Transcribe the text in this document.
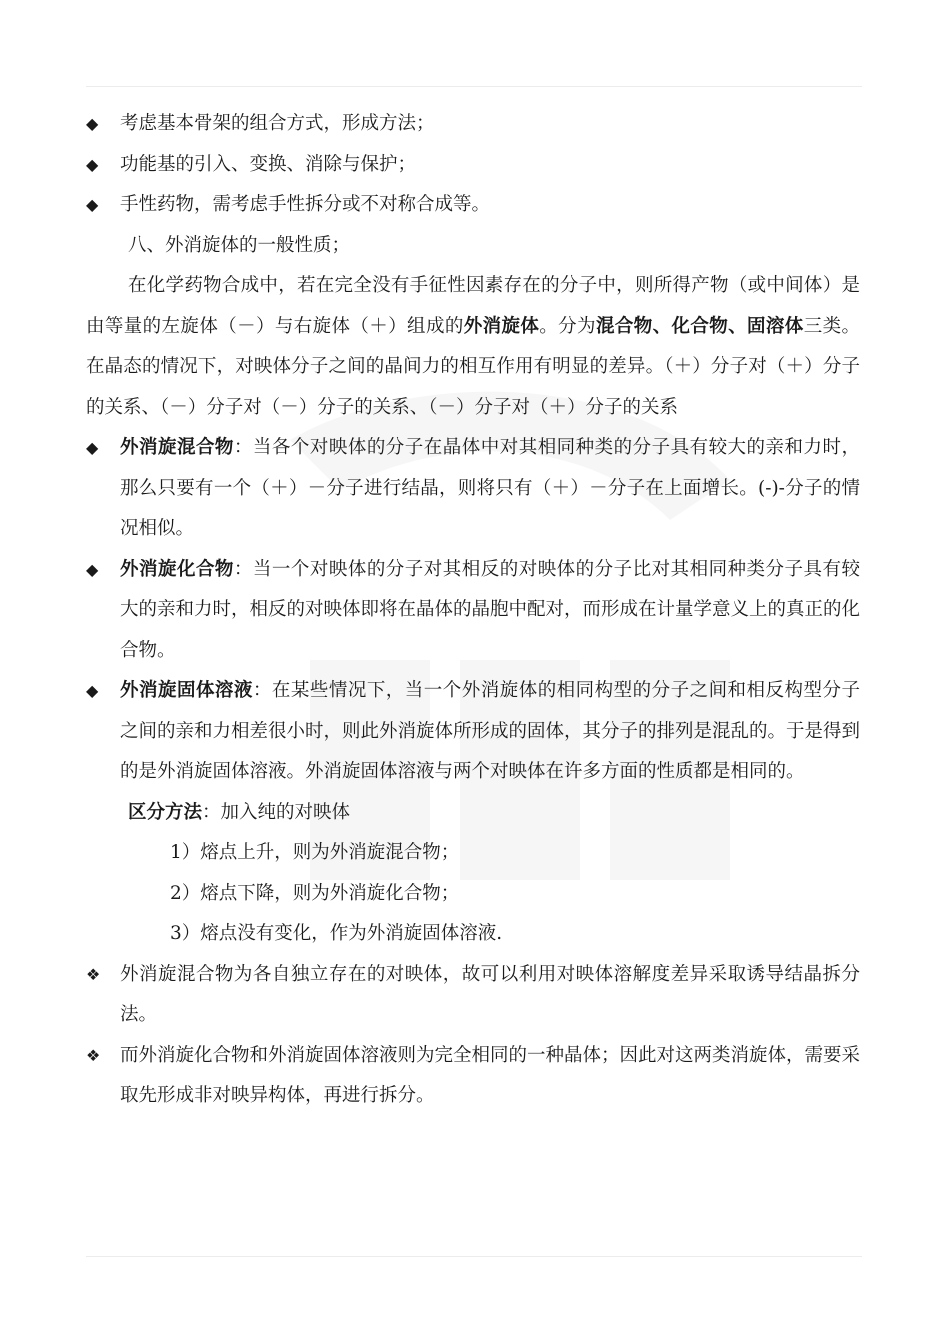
◆	考虑基本骨架的组合方式，形成方法；
◆	功能基的引入、变换、消除与保护；
◆	手性药物，需考虑手性拆分或不对称合成等。
八、外消旋体的一般性质；
在化学药物合成中，若在完全没有手征性因素存在的分子中，则所得产物（或中间体）是由等量的左旋体（－）与右旋体（＋）组成的外消旋体。分为混合物、化合物、固溶体三类。在晶态的情况下，对映体分子之间的晶间力的相互作用有明显的差异。（＋）分子对（＋）分子的关系、（－）分子对（－）分子的关系、（－）分子对（＋）分子的关系
◆	外消旋混合物：当各个对映体的分子在晶体中对其相同种类的分子具有较大的亲和力时，那么只要有一个（＋）－分子进行结晶，则将只有（＋）－分子在上面增长。(-)-分子的情况相似。
◆	外消旋化合物：当一个对映体的分子对其相反的对映体的分子比对其相同种类分子具有较大的亲和力时，相反的对映体即将在晶体的晶胞中配对，而形成在计量学意义上的真正的化合物。
◆	外消旋固体溶液：在某些情况下，当一个外消旋体的相同构型的分子之间和相反构型分子之间的亲和力相差很小时，则此外消旋体所形成的固体，其分子的排列是混乱的。于是得到的是外消旋固体溶液。外消旋固体溶液与两个对映体在许多方面的性质都是相同的。
区分方法：加入纯的对映体
1）熔点上升，则为外消旋混合物；
2）熔点下降，则为外消旋化合物；
3）熔点没有变化，作为外消旋固体溶液.
❖	外消旋混合物为各自独立存在的对映体，故可以利用对映体溶解度差异采取诱导结晶拆分法。
❖	而外消旋化合物和外消旋固体溶液则为完全相同的一种晶体；因此对这两类消旋体，需要采取先形成非对映异构体，再进行拆分。
